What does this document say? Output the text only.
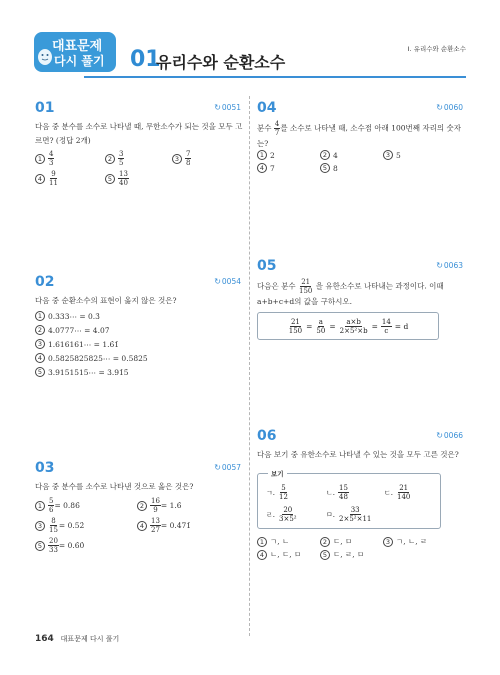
대표문제
다시 풀기 01
유리수와 순환소수
I. 유리수와 순환소수
01	↻0051
다음 중 분수를 소수로 나타낼 때, 무한소수가 되는 것을 모두 고르면? (정답 2개)
$1 \frac{4}{3}$	$2 \frac{3}{5}$	$3 \frac{7}{8}$
$4 \frac{9}{11}$	$5 \frac{13}{40}$
02	↻0054
다음 중 순환소수의 표현이 옳지 않은 것은?
1 0.333⋯ = 0.3̇
2 4.0777⋯ = 4.07̇
3 1.616161⋯ = 1.6̇1̇
4 0.5825825825⋯ = 0.58̇25̇
5 3.9151515⋯ = 3.91̇5̇
03	↻0057
다음 중 분수를 소수로 나타낸 것으로 옳은 것은?
$1 \frac{5}{6}$ = 0.86̇	$2 \frac{16}{9}$ = 1.6̇
$3 \frac{8}{15}$ = 0.52̇	$4 \frac{13}{27}$ = 0.4̇71̇
$5 \frac{20}{33}$ = 0.6̇0̇
04	↻0060
분수 $\frac{4}{7}$ 를 소수로 나타낼 때, 소수점 아래 100번째 자리의 숫자는?
1 2	2 4	3 5
4 7	5 8
05	↻0063
다음은 분수 $\frac{21}{150}$ 을 유한소수로 나타내는 과정이다. 이때 a+b+c+d의 값을 구하시오.
$\frac{21}{150} = \frac{a}{50} = \frac{a\times b}{\text{2×5²×b}} = \frac{14}{c} = d$
06	↻0066
다음 보기 중 유한소수로 나타낼 수 있는 것을 모두 고른 것은?
보기
ㄱ. $\frac{5}{12}$	ㄴ. $\frac{15}{48}$	ㄷ. $\frac{21}{140}$
ㄹ. $\frac{20}{\text{3×5²}}$	ㅁ. $\frac{33}{\text{2×5²×11}}$
1 ㄱ, ㄴ	2 ㄷ, ㅁ	3 ㄱ, ㄴ, ㄹ
4 ㄴ, ㄷ, ㅁ	5 ㄷ, ㄹ, ㅁ
164 대표문제 다시 풀기
